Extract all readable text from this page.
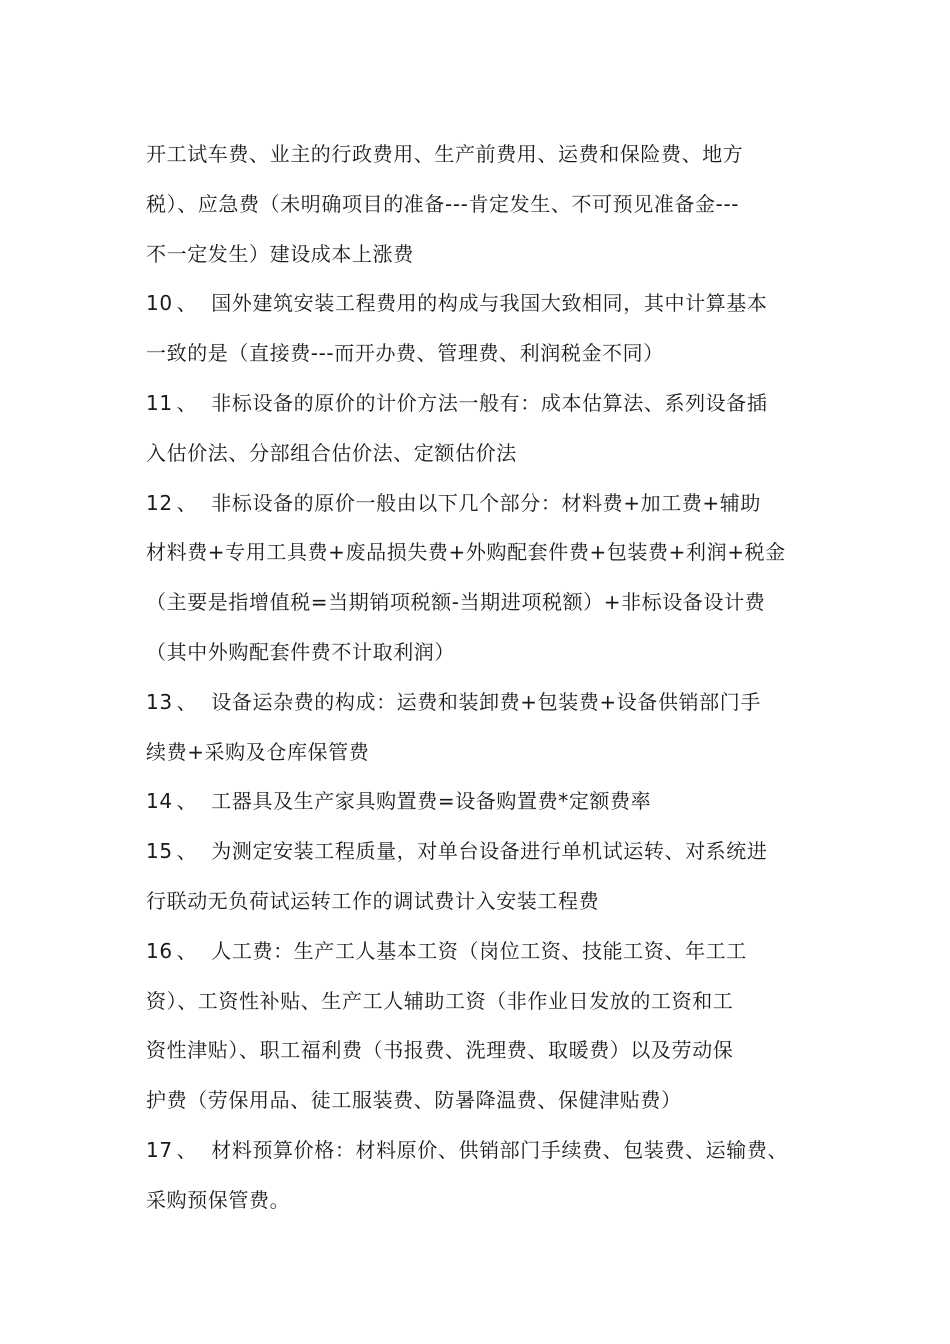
开工试车费、业主的行政费用、生产前费用、运费和保险费、地方
税）、应急费（未明确项目的准备---肯定发生、不可预见准备金---
不一定发生）建设成本上涨费
10 、 国外建筑安装工程费用的构成与我国大致相同，其中计算基本
一致的是（直接费---而开办费、管理费、利润税金不同）
11 、 非标设备的原价的计价方法一般有：成本估算法、系列设备插
入估价法、分部组合估价法、定额估价法
12 、 非标设备的原价一般由以下几个部分：材料费+加工费+辅助
材料费+专用工具费+废品损失费+外购配套件费+包装费+利润+税金
（主要是指增值税=当期销项税额-当期进项税额）+非标设备设计费
（其中外购配套件费不计取利润）
13 、 设备运杂费的构成：运费和装卸费+包装费+设备供销部门手
续费+采购及仓库保管费
14 、 工器具及生产家具购置费=设备购置费*定额费率
15 、 为测定安装工程质量，对单台设备进行单机试运转、对系统进
行联动无负荷试运转工作的调试费计入安装工程费
16 、 人工费：生产工人基本工资（岗位工资、技能工资、年工工
资）、工资性补贴、生产工人辅助工资（非作业日发放的工资和工
资性津贴）、职工福利费（书报费、洗理费、取暖费）以及劳动保
护费（劳保用品、徒工服装费、防暑降温费、保健津贴费）
17 、 材料预算价格：材料原价、供销部门手续费、包装费、运输费、
采购预保管费。
